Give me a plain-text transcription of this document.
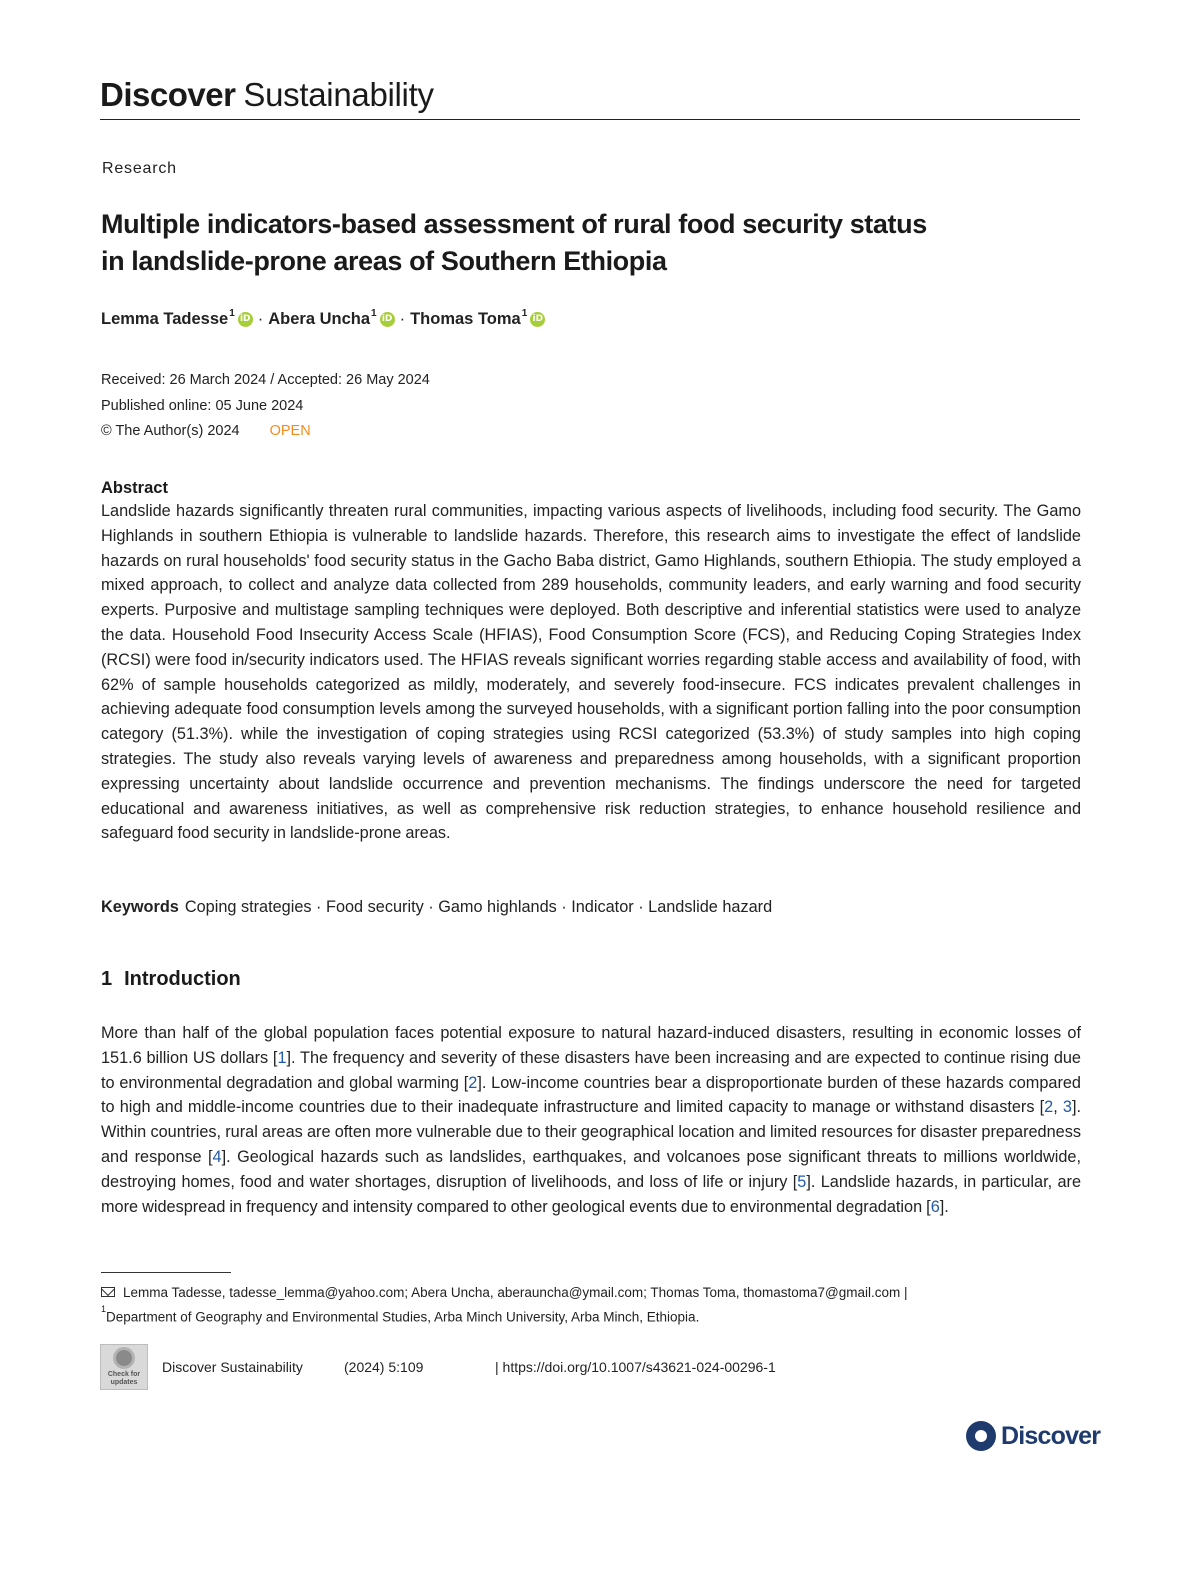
Discover Sustainability
Research
Multiple indicators-based assessment of rural food security status
in landslide-prone areas of Southern Ethiopia
Lemma Tadesse$^1$ iD · Abera Uncha$^1$ iD · Thomas Toma$^1$ iD
Received: 26 March 2024 / Accepted: 26 May 2024
Published online: 05 June 2024
© The Author(s) 2024 OPEN
Abstract

Landslide hazards significantly threaten rural communities, impacting various aspects of livelihoods, including food security. The Gamo Highlands in southern Ethiopia is vulnerable to landslide hazards. Therefore, this research aims to investigate the effect of landslide hazards on rural households' food security status in the Gacho Baba district, Gamo Highlands, southern Ethiopia. The study employed a mixed approach, to collect and analyze data collected from 289 households, community leaders, and early warning and food security experts. Purposive and multistage sampling techniques were deployed. Both descriptive and inferential statistics were used to analyze the data. Household Food Insecurity Access Scale (HFIAS), Food Consumption Score (FCS), and Reducing Coping Strategies Index (RCSI) were food in/security indicators used. The HFIAS reveals significant worries regarding stable access and availability of food, with 62% of sample households categorized as mildly, moderately, and severely food-insecure. FCS indicates prevalent challenges in achieving adequate food consumption levels among the surveyed households, with a significant portion falling into the poor consumption category (51.3%). while the investigation of coping strategies using RCSI categorized (53.3%) of study samples into high coping strategies. The study also reveals varying levels of awareness and preparedness among households, with a significant proportion expressing uncertainty about landslide occurrence and prevention mechanisms. The findings underscore the need for targeted educational and awareness initiatives, as well as comprehensive risk reduction strategies, to enhance household resilience and safeguard food security in landslide-prone areas.

Keywords Coping strategies · Food security · Gamo highlands · Indicator · Landslide hazard
1 Introduction

More than half of the global population faces potential exposure to natural hazard-induced disasters, resulting in economic losses of 151.6 billion US dollars [1]. The frequency and severity of these disasters have been increasing and are expected to continue rising due to environmental degradation and global warming [2]. Low-income countries bear a disproportionate burden of these hazards compared to high and middle-income countries due to their inadequate infrastructure and limited capacity to manage or withstand disasters [2, 3]. Within countries, rural areas are often more vulnerable due to their geographical location and limited resources for disaster preparedness and response [4]. Geological hazards such as landslides, earthquakes, and volcanoes pose significant threats to millions worldwide, destroying homes, food and water shortages, disruption of livelihoods, and loss of life or injury [5]. Landslide hazards, in particular, are more widespread in frequency and intensity compared to other geological events due to environmental degradation [6].

Lemma Tadesse, tadesse_lemma@yahoo.com; Abera Uncha, aberauncha@ymail.com; Thomas Toma, thomastoma7@gmail.com |
$^1$Department of Geography and Environmental Studies, Arba Minch University, Arba Minch, Ethiopia.
Check for
updates
Discover Sustainability	(2024) 5:109	| https://doi.org/10.1007/s43621-024-00296-1
Discover
